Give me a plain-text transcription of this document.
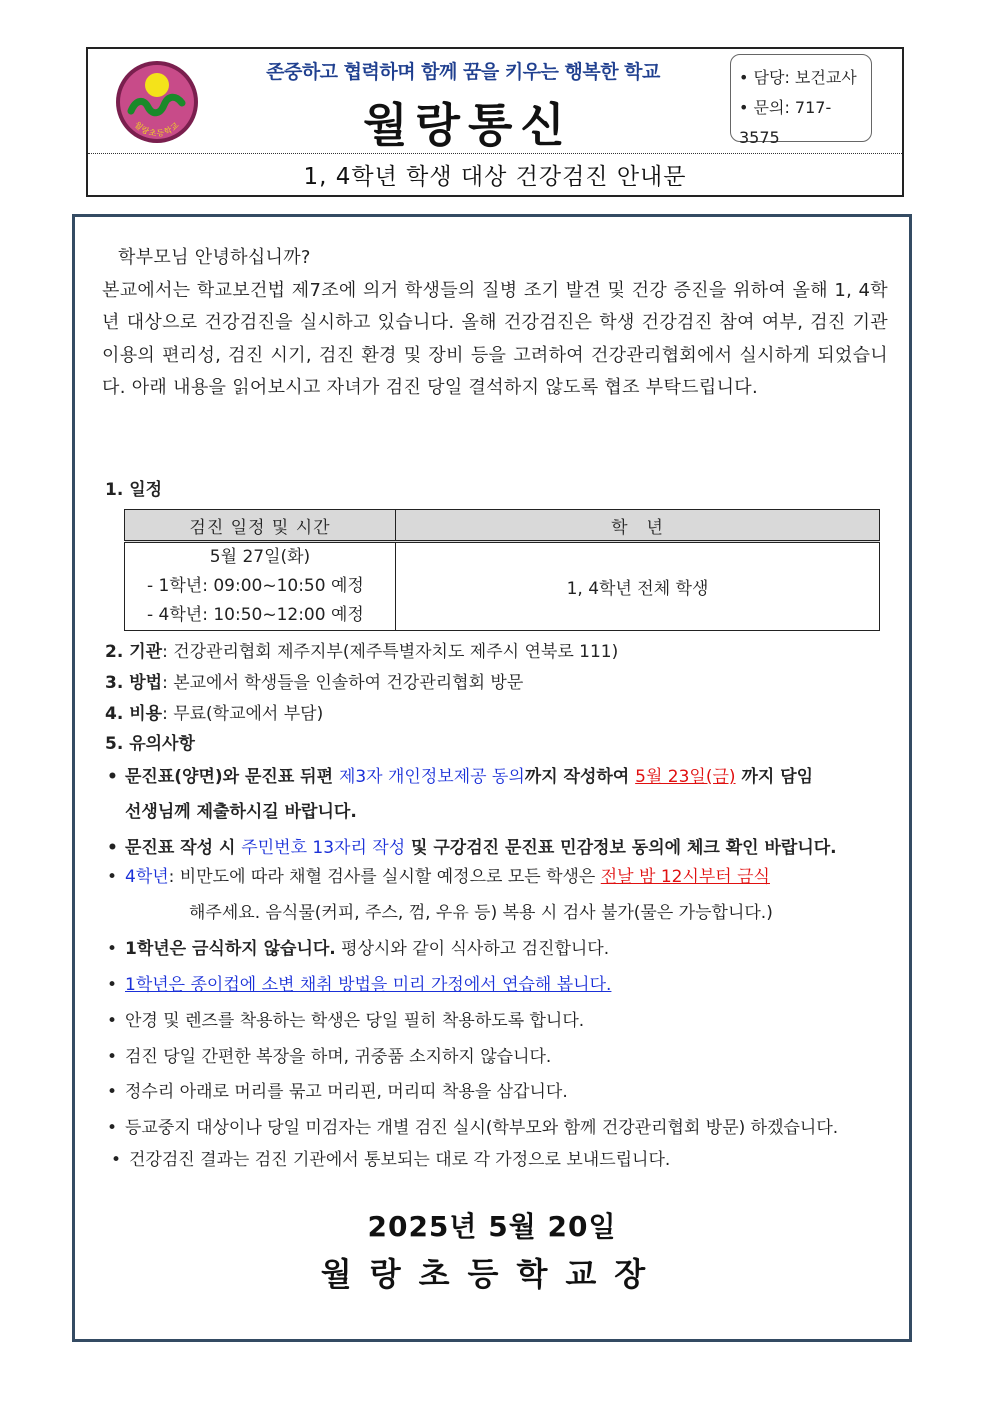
월랑초등학교
존중하고 협력하며 함께 꿈을 키우는 행복한 학교
월랑통신
• 담당: 보건교사
• 문의: 717-3575
1, 4학년 학생 대상 건강검진 안내문

학부모님 안녕하십니까?

본교에서는 학교보건법 제7조에 의거 학생들의 질병 조기 발견 및 건강 증진을 위하여 올해 1, 4학년 대상으로 건강검진을 실시하고 있습니다. 올해 건강검진은 학생 건강검진 참여 여부, 검진 기관 이용의 편리성, 검진 시기, 검진 환경 및 장비 등을 고려하여 건강관리협회에서 실시하게 되었습니다. 아래 내용을 읽어보시고 자녀가 검진 당일 결석하지 않도록 협조 부탁드립니다.

1. 일정
검진 일정 및 시간	학　년

5월 27일(화)
- 1학년: 09:00~10:50 예정
- 4학년: 10:50~12:00 예정	1, 4학년 전체 학생
2. 기관: 건강관리협회 제주지부(제주특별자치도 제주시 연북로 111)
3. 방법: 본교에서 학생들을 인솔하여 건강관리협회 방문
4. 비용: 무료(학교에서 부담)
5. 유의사항
• 문진표(양면)와 문진표 뒤편 제3자 개인정보제공 동의까지 작성하여 5월 23일(금) 까지 담임
선생님께 제출하시길 바랍니다.
• 문진표 작성 시 주민번호 13자리 작성 및 구강검진 문진표 민감정보 동의에 체크 확인 바랍니다.
• 4학년: 비만도에 따라 채혈 검사를 실시할 예정으로 모든 학생은 전날 밤 12시부터 금식
해주세요. 음식물(커피, 주스, 껌, 우유 등) 복용 시 검사 불가(물은 가능합니다.)
• 1학년은 금식하지 않습니다. 평상시와 같이 식사하고 검진합니다.
• 1학년은 종이컵에 소변 채취 방법을 미리 가정에서 연습해 봅니다.
• 안경 및 렌즈를 착용하는 학생은 당일 필히 착용하도록 합니다.
• 검진 당일 간편한 복장을 하며, 귀중품 소지하지 않습니다.
• 정수리 아래로 머리를 묶고 머리핀, 머리띠 착용을 삼갑니다.
• 등교중지 대상이나 당일 미검자는 개별 검진 실시(학부모와 함께 건강관리협회 방문) 하겠습니다.
• 건강검진 결과는 검진 기관에서 통보되는 대로 각 가정으로 보내드립니다.
2025년 5월 20일
월랑초등학교장
